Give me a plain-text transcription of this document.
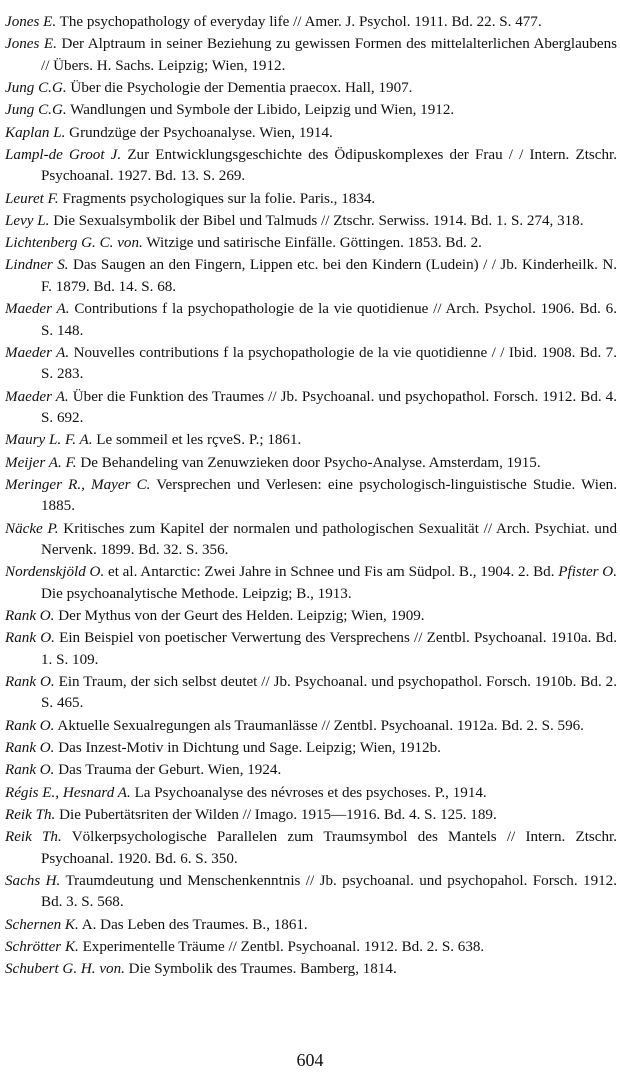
Jones E. The psychopathology of everyday life // Amer. J. Psychol. 1911. Bd. 22. S. 477.

Jones E. Der Alptraum in seiner Beziehung zu gewissen Formen des mittelalterlichen Aberglaubens // Übers. H. Sachs. Leipzig; Wien, 1912.

Jung C.G. Über die Psychologie der Dementia praecox. Hall, 1907.

Jung C.G. Wandlungen und Symbole der Libido, Leipzig und Wien, 1912.

Kaplan L. Grundzüge der Psychoanalyse. Wien, 1914.

Lampl-de Groot J. Zur Entwicklungsgeschichte des Ödipuskomplexes der Frau / / Intern. Ztschr. Psychoanal. 1927. Bd. 13. S. 269.

Leuret F. Fragments psychologiques sur la folie. Paris., 1834.

Levy L. Die Sexualsymbolik der Bibel und Talmuds // Ztschr. Serwiss. 1914. Bd. 1. S. 274, 318.

Lichtenberg G. C. von. Witzige und satirische Einfälle. Göttingen. 1853. Bd. 2.

Lindner S. Das Saugen an den Fingern, Lippen etc. bei den Kindern (Ludein) / / Jb. Kinderheilk. N. F. 1879. Bd. 14. S. 68.

Maeder A. Contributions f la psychopathologie de la vie quotidienue // Arch. Psychol. 1906. Bd. 6. S. 148.

Maeder A. Nouvelles contributions f la psychopathologie de la vie quotidienne / / Ibid. 1908. Bd. 7. S. 283.

Maeder A. Über die Funktion des Traumes // Jb. Psychoanal. und psychopathol. Forsch. 1912. Bd. 4. S. 692.

Maury L. F. A. Le sommeil et les rçveS. P.; 1861.

Meijer A. F. De Behandeling van Zenuwzieken door Psycho-Analyse. Amsterdam, 1915.

Meringer R., Mayer C. Versprechen und Verlesen: eine psychologisch-linguistische Studie. Wien. 1885.

Näcke P. Kritisches zum Kapitel der normalen und pathologischen Sexualität // Arch. Psychiat. und Nervenk. 1899. Bd. 32. S. 356.

Nordenskjöld O. et al. Antarctic: Zwei Jahre in Schnee und Fis am Südpol. B., 1904. 2. Bd. Pfister O. Die psychoanalytische Methode. Leipzig; B., 1913.

Rank O. Der Mythus von der Geurt des Helden. Leipzig; Wien, 1909.

Rank O. Ein Beispiel von poetischer Verwertung des Versprechens // Zentbl. Psychoanal. 1910a. Bd. 1. S. 109.

Rank O. Ein Traum, der sich selbst deutet // Jb. Psychoanal. und psychopathol. Forsch. 1910b. Bd. 2. S. 465.

Rank O. Aktuelle Sexualregungen als Traumanlässe // Zentbl. Psychoanal. 1912a. Bd. 2. S. 596.

Rank O. Das Inzest-Motiv in Dichtung und Sage. Leipzig; Wien, 1912b.

Rank O. Das Trauma der Geburt. Wien, 1924.

Régis E., Hesnard A. La Psychoanalyse des névroses et des psychoses. P., 1914.

Reik Th. Die Pubertätsriten der Wilden // Imago. 1915—1916. Bd. 4. S. 125. 189.

Reik Th. Völkerpsychologische Parallelen zum Traumsymbol des Mantels // Intern. Ztschr. Psychoanal. 1920. Bd. 6. S. 350.

Sachs H. Traumdeutung und Menschenkenntnis // Jb. psychoanal. und psychopahol. Forsch. 1912. Bd. 3. S. 568.

Schernen K. A. Das Leben des Traumes. B., 1861.

Schrötter K. Experimentelle Träume // Zentbl. Psychoanal. 1912. Bd. 2. S. 638.

Schubert G. H. von. Die Symbolik des Traumes. Bamberg, 1814.

604
